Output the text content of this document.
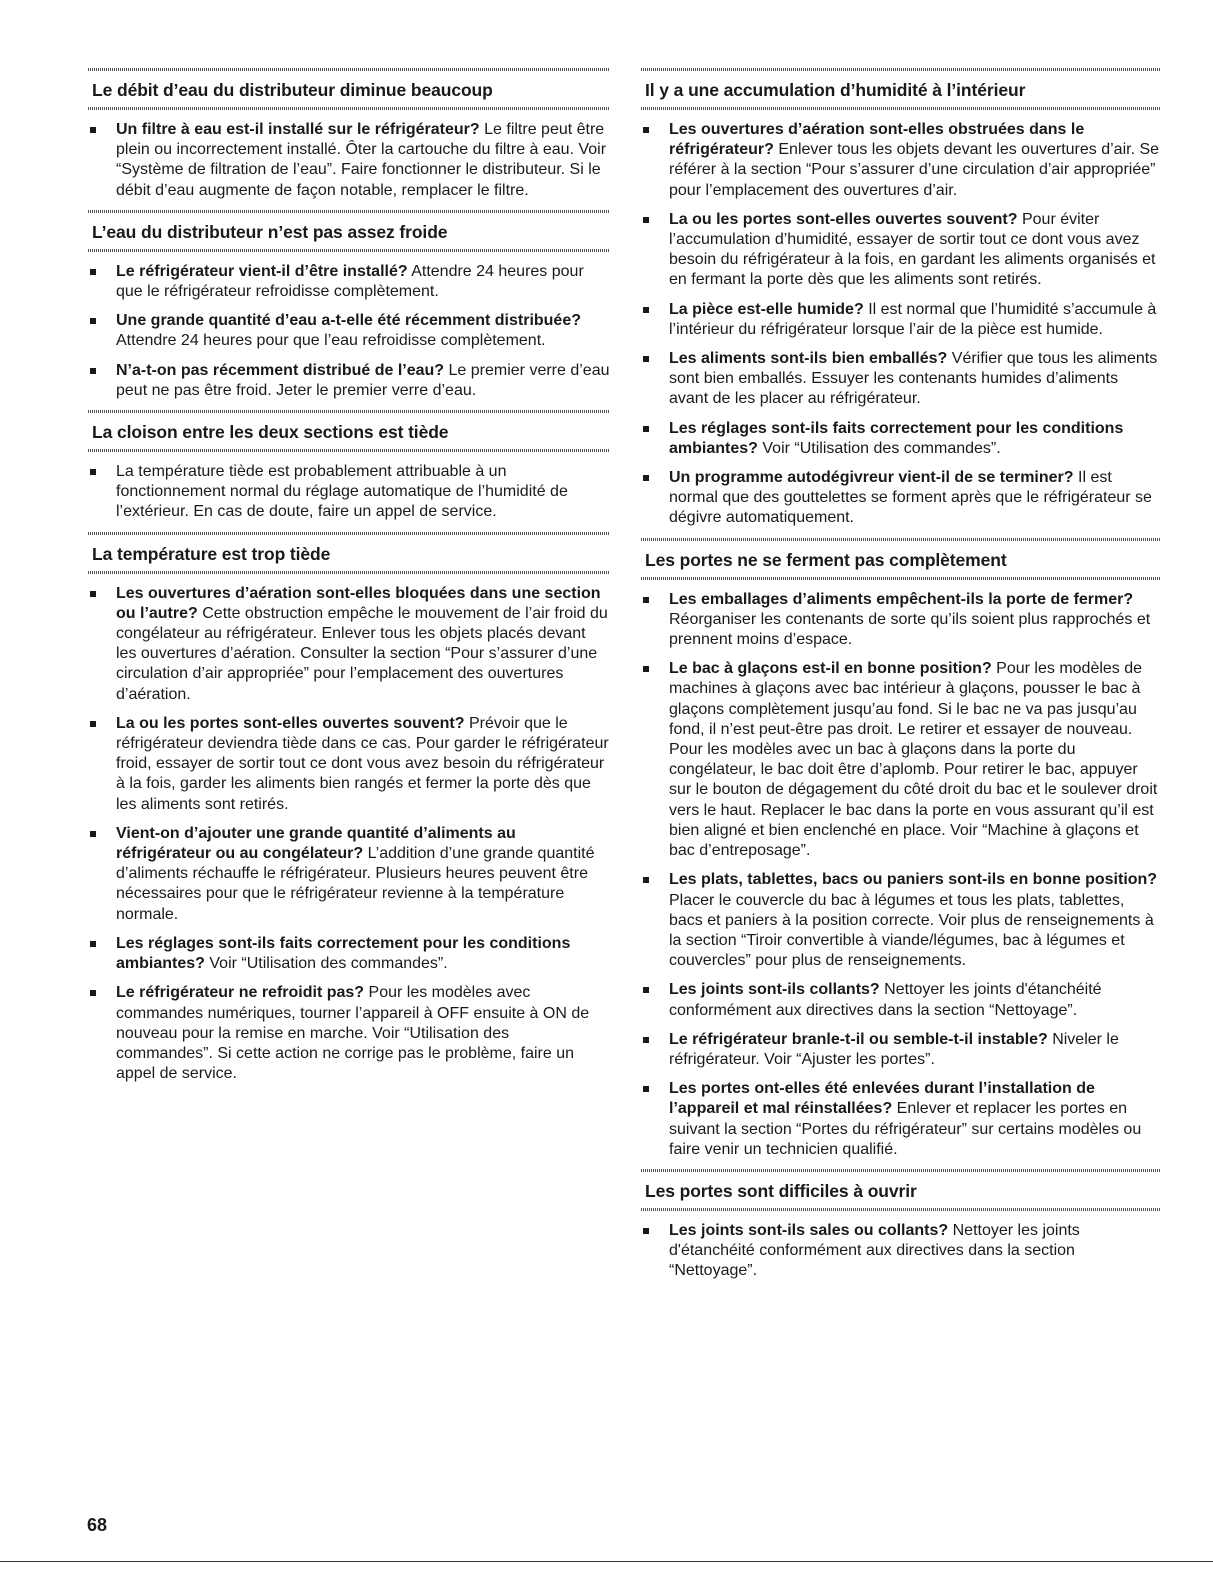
Le débit d’eau du distributeur diminue beaucoup
Un filtre à eau est-il installé sur le réfrigérateur? Le filtre peut être plein ou incorrectement installé. Ôter la cartouche du filtre à eau. Voir “Système de filtration de l’eau”. Faire fonctionner le distributeur. Si le débit d’eau augmente de façon notable, remplacer le filtre.
L’eau du distributeur n’est pas assez froide
Le réfrigérateur vient-il d’être installé? Attendre 24 heures pour que le réfrigérateur refroidisse complètement.
Une grande quantité d’eau a-t-elle été récemment distribuée? Attendre 24 heures pour que l’eau refroidisse complètement.
N’a-t-on pas récemment distribué de l’eau? Le premier verre d’eau peut ne pas être froid. Jeter le premier verre d’eau.
La cloison entre les deux sections est tiède
La température tiède est probablement attribuable à un fonctionnement normal du réglage automatique de l’humidité de l’extérieur. En cas de doute, faire un appel de service.
La température est trop tiède
Les ouvertures d’aération sont-elles bloquées dans une section ou l’autre? Cette obstruction empêche le mouvement de l’air froid du congélateur au réfrigérateur. Enlever tous les objets placés devant les ouvertures d’aération. Consulter la section “Pour s’assurer d’une circulation d’air appropriée” pour l’emplacement des ouvertures d’aération.
La ou les portes sont-elles ouvertes souvent? Prévoir que le réfrigérateur deviendra tiède dans ce cas. Pour garder le réfrigérateur froid, essayer de sortir tout ce dont vous avez besoin du réfrigérateur à la fois, garder les aliments bien rangés et fermer la porte dès que les aliments sont retirés.
Vient-on d’ajouter une grande quantité d’aliments au réfrigérateur ou au congélateur? L’addition d’une grande quantité d’aliments réchauffe le réfrigérateur. Plusieurs heures peuvent être nécessaires pour que le réfrigérateur revienne à la température normale.
Les réglages sont-ils faits correctement pour les conditions ambiantes? Voir “Utilisation des commandes”.
Le réfrigérateur ne refroidit pas? Pour les modèles avec commandes numériques, tourner l’appareil à OFF ensuite à ON de nouveau pour la remise en marche. Voir “Utilisation des commandes”. Si cette action ne corrige pas le problème, faire un appel de service.
Il y a une accumulation d’humidité à l’intérieur
Les ouvertures d’aération sont-elles obstruées dans le réfrigérateur? Enlever tous les objets devant les ouvertures d’air. Se référer à la section “Pour s’assurer d’une circulation d’air appropriée” pour l’emplacement des ouvertures d’air.
La ou les portes sont-elles ouvertes souvent? Pour éviter l’accumulation d’humidité, essayer de sortir tout ce dont vous avez besoin du réfrigérateur à la fois, en gardant les aliments organisés et en fermant la porte dès que les aliments sont retirés.
La pièce est-elle humide? Il est normal que l’humidité s’accumule à l’intérieur du réfrigérateur lorsque l’air de la pièce est humide.
Les aliments sont-ils bien emballés? Vérifier que tous les aliments sont bien emballés. Essuyer les contenants humides d’aliments avant de les placer au réfrigérateur.
Les réglages sont-ils faits correctement pour les conditions ambiantes? Voir “Utilisation des commandes”.
Un programme autodégivreur vient-il de se terminer? Il est normal que des gouttelettes se forment après que le réfrigérateur se dégivre automatiquement.
Les portes ne se ferment pas complètement
Les emballages d’aliments empêchent-ils la porte de fermer? Réorganiser les contenants de sorte qu’ils soient plus rapprochés et prennent moins d’espace.
Le bac à glaçons est-il en bonne position? Pour les modèles de machines à glaçons avec bac intérieur à glaçons, pousser le bac à glaçons complètement jusqu’au fond. Si le bac ne va pas jusqu’au fond, il n’est peut-être pas droit. Le retirer et essayer de nouveau. Pour les modèles avec un bac à glaçons dans la porte du congélateur, le bac doit être d’aplomb. Pour retirer le bac, appuyer sur le bouton de dégagement du côté droit du bac et le soulever droit vers le haut. Replacer le bac dans la porte en vous assurant qu’il est bien aligné et bien enclenché en place. Voir “Machine à glaçons et bac d’entreposage”.
Les plats, tablettes, bacs ou paniers sont-ils en bonne position? Placer le couvercle du bac à légumes et tous les plats, tablettes, bacs et paniers à la position correcte. Voir plus de renseignements à la section “Tiroir convertible à viande/légumes, bac à légumes et couvercles” pour plus de renseignements.
Les joints sont-ils collants? Nettoyer les joints d'étanchéité conformément aux directives dans la section “Nettoyage”.
Le réfrigérateur branle-t-il ou semble-t-il instable? Niveler le réfrigérateur. Voir “Ajuster les portes”.
Les portes ont-elles été enlevées durant l’installation de l’appareil et mal réinstallées? Enlever et replacer les portes en suivant la section “Portes du réfrigérateur” sur certains modèles ou faire venir un technicien qualifié.
Les portes sont difficiles à ouvrir
Les joints sont-ils sales ou collants? Nettoyer les joints d'étanchéité conformément aux directives dans la section “Nettoyage”.
68
